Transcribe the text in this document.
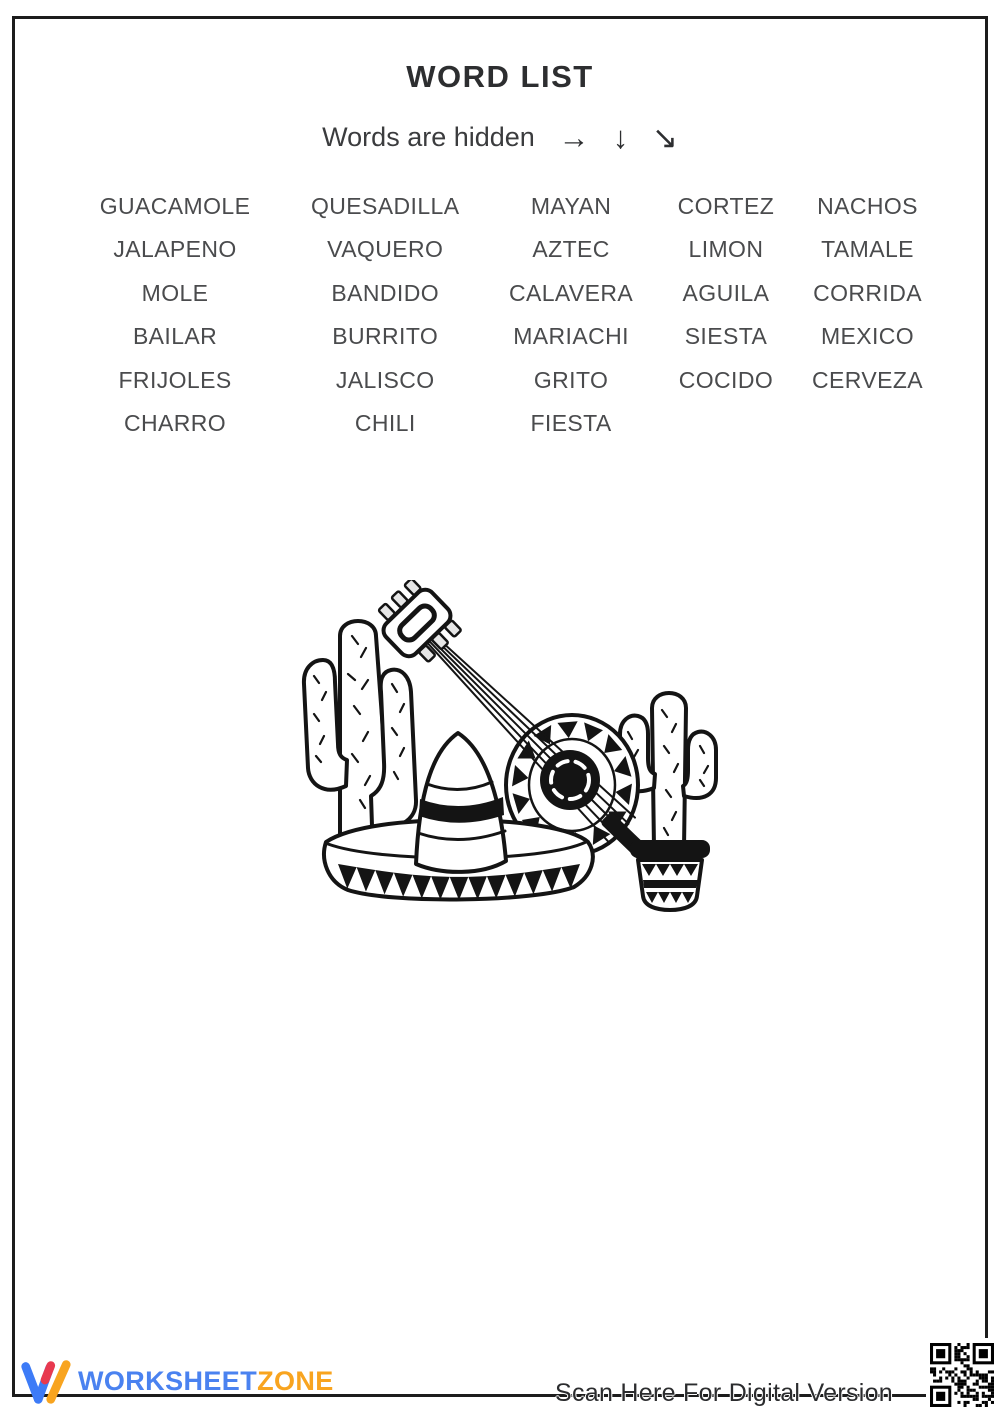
WORD LIST
Words are hidden → ↓ ↘
GUACAMOLE
JALAPENO
MOLE
BAILAR
FRIJOLES
CHARRO
QUESADILLA
VAQUERO
BANDIDO
BURRITO
JALISCO
CHILI
MAYAN
AZTEC
CALAVERA
MARIACHI
GRITO
FIESTA
CORTEZ
LIMON
AGUILA
SIESTA
COCIDO
NACHOS
TAMALE
CORRIDA
MEXICO
CERVEZA
WORKSHEETZONE	Scan Here For Digital Version
